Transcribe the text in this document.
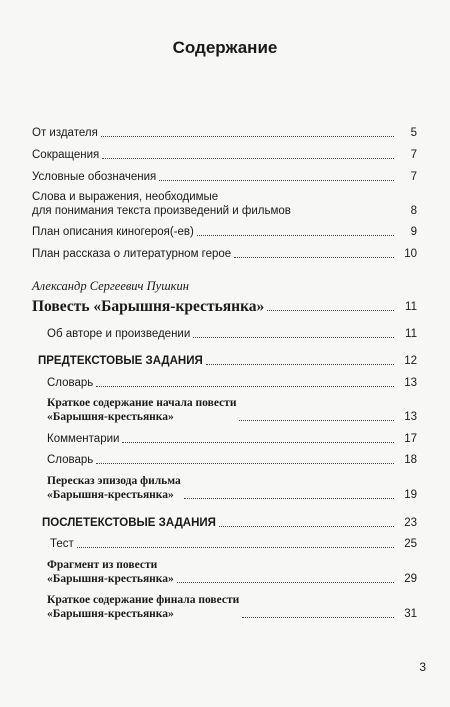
Содержание
От издателя	5
Сокращения	7
Условные обозначения	7
Слова и выражения, необходимые
для понимания текста произведений и фильмов	8
План описания киногероя(-ев)	9
План рассказа о литературном герое	10
Александр Сергеевич Пушкин
Повесть «Барышня-крестьянка»	11
Об авторе и произведении	11
ПРЕДТЕКСТОВЫЕ ЗАДАНИЯ	12
Словарь	13
Краткое содержание начала повести
«Барышня-крестьянка»	13
Комментарии	17
Словарь	18
Пересказ эпизода фильма
«Барышня-крестьянка»	19
ПОСЛЕТЕКСТОВЫЕ ЗАДАНИЯ	23
Тест	25
Фрагмент из повести
«Барышня-крестьянка»	29
Краткое содержание финала повести
«Барышня-крестьянка»	31
3
